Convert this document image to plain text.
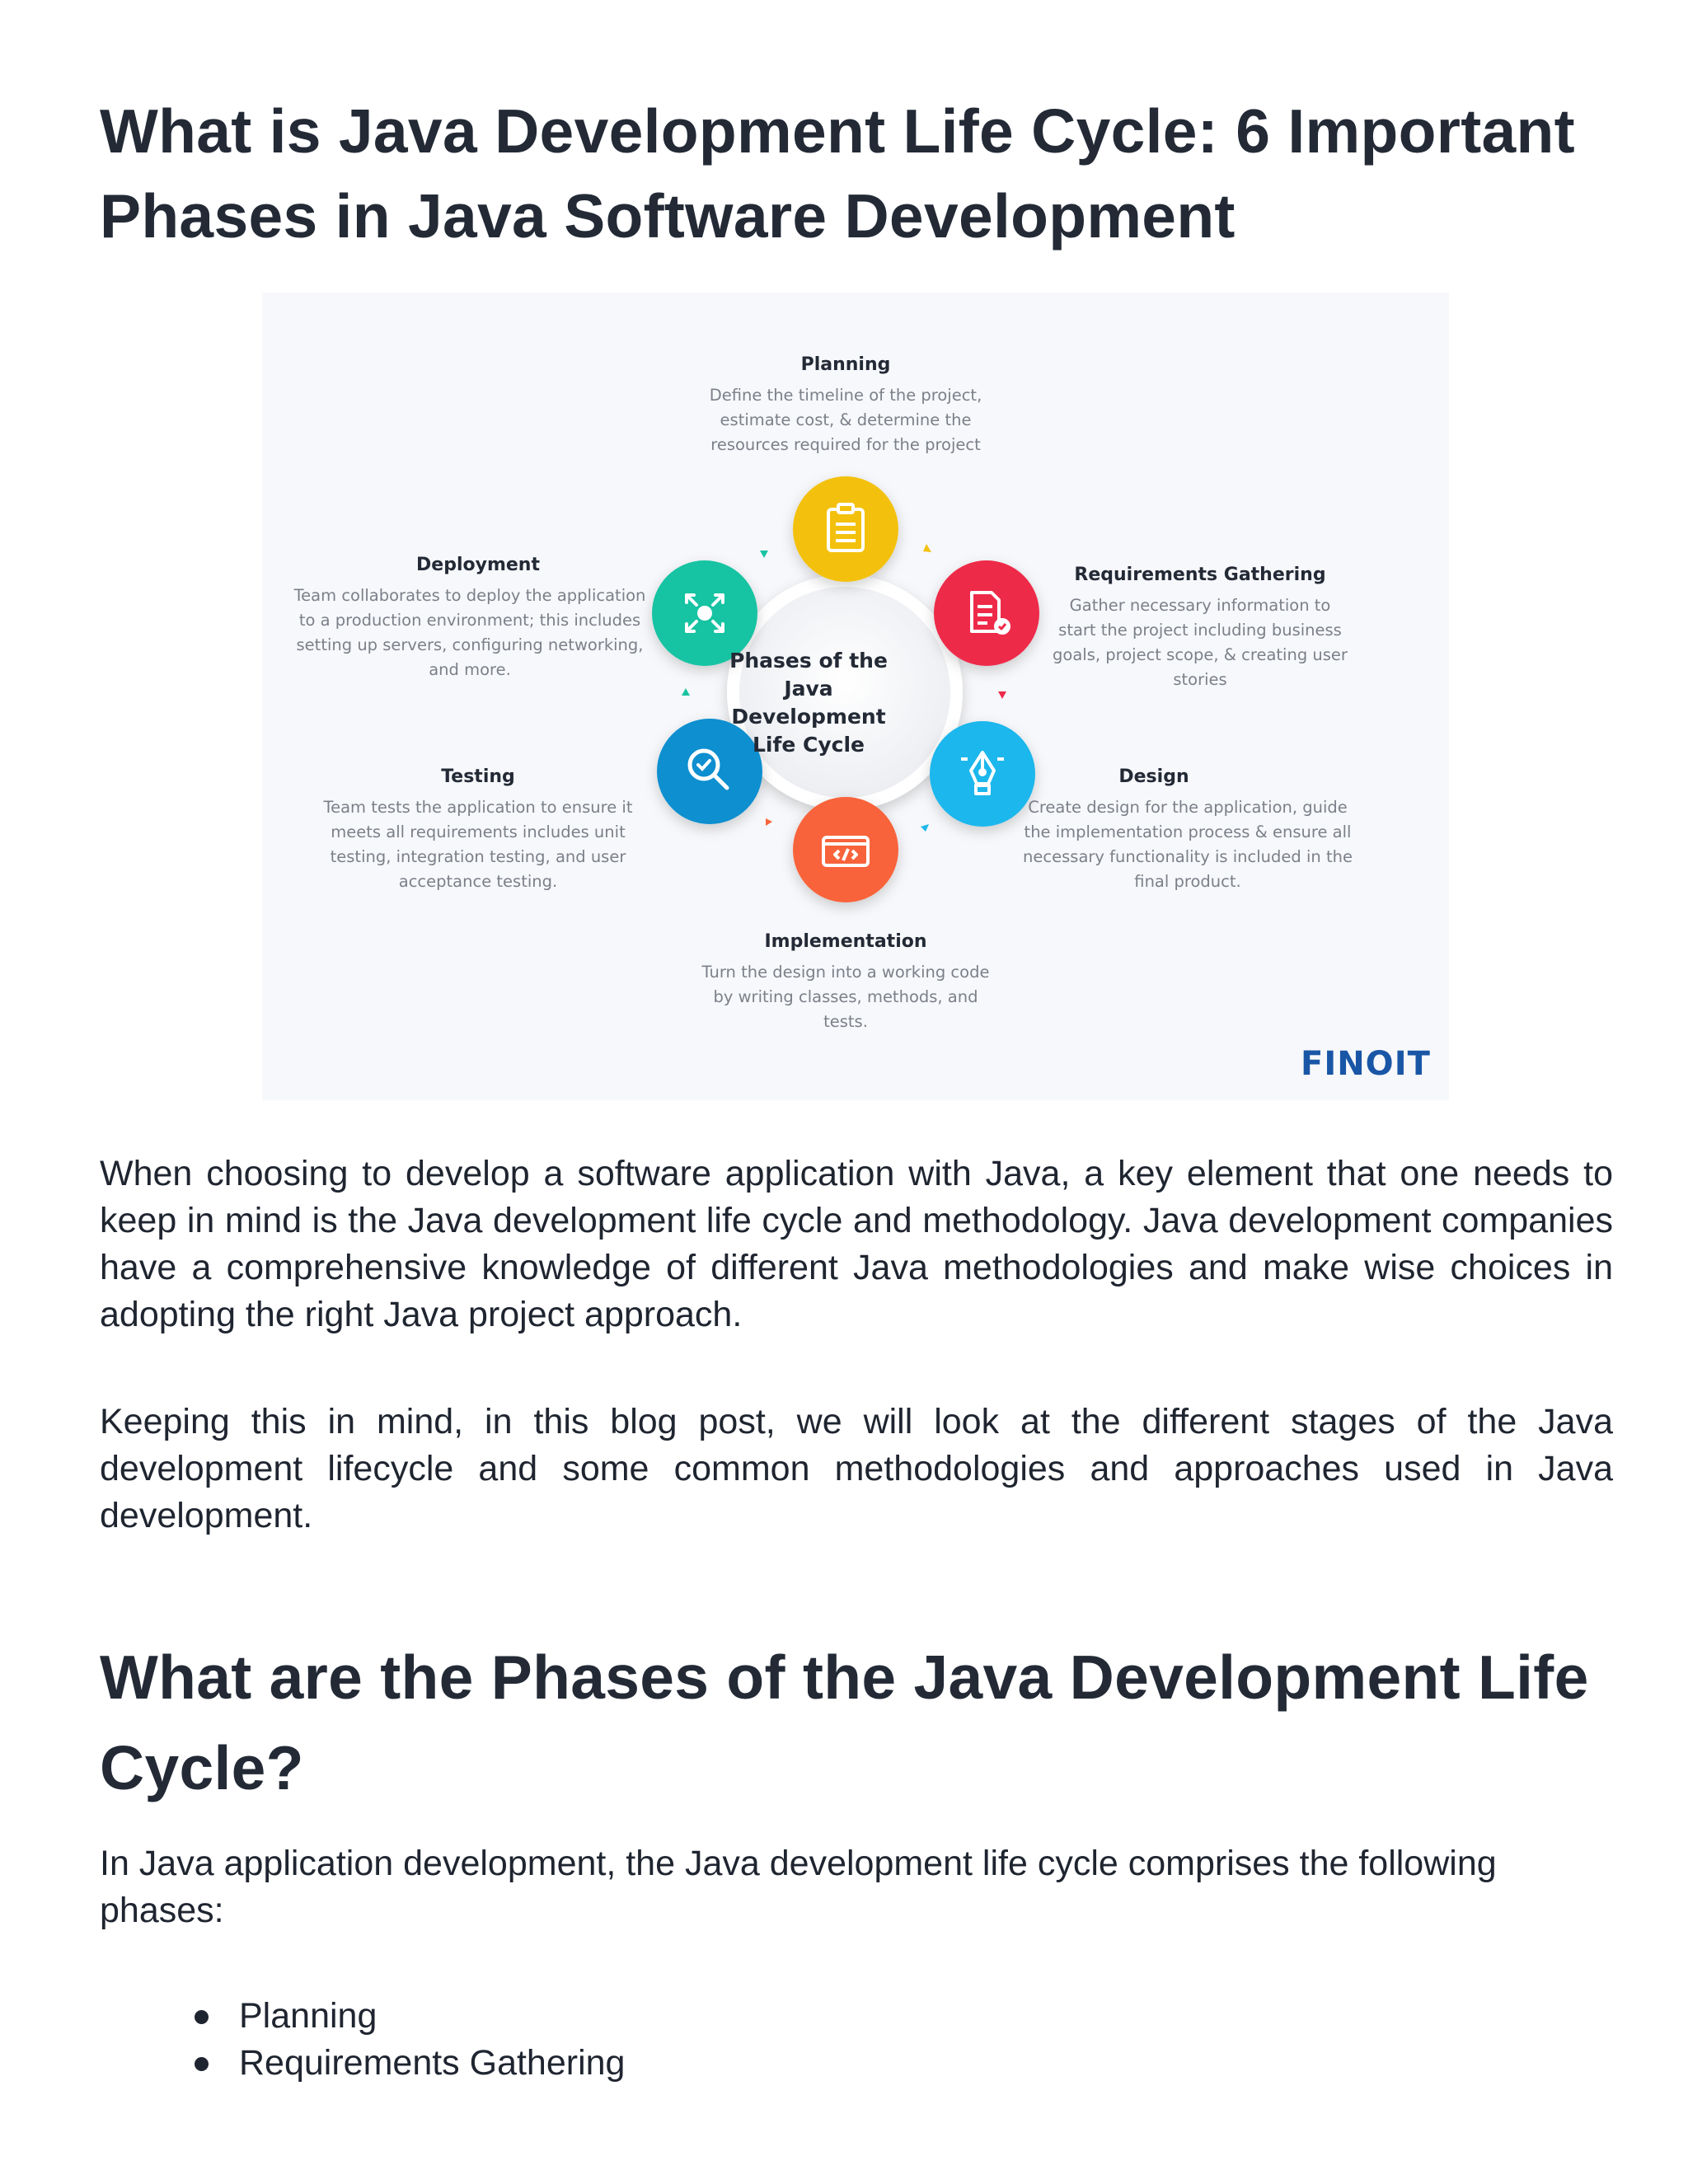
What is Java Development Life Cycle: 6 Important Phases in Java Software Development
Phases of the Java Development Life Cycle
Planning
Define the timeline of the project, estimate cost, & determine the resources required for the project
Requirements Gathering
Gather necessary information to start the project including business goals, project scope, & creating user stories
Design
Create design for the application, guide the implementation process & ensure all necessary functionality is included in the final product.
Implementation
Turn the design into a working code by writing classes, methods, and tests.
Testing
Team tests the application to ensure it meets all requirements includes unit testing, integration testing, and user acceptance testing.
Deployment
Team collaborates to deploy the application to a production environment; this includes setting up servers, configuring networking, and more.
FINOIT

When choosing to develop a software application with Java, a key element that one needs to keep in mind is the Java development life cycle and methodology. Java development companies have a comprehensive knowledge of different Java methodologies and make wise choices in adopting the right Java project approach.

Keeping this in mind, in this blog post, we will look at the different stages of the Java development lifecycle and some common methodologies and approaches used in Java development.

What are the Phases of the Java Development Life Cycle?

In Java application development, the Java development life cycle comprises the following phases:

Planning
Requirements Gathering
